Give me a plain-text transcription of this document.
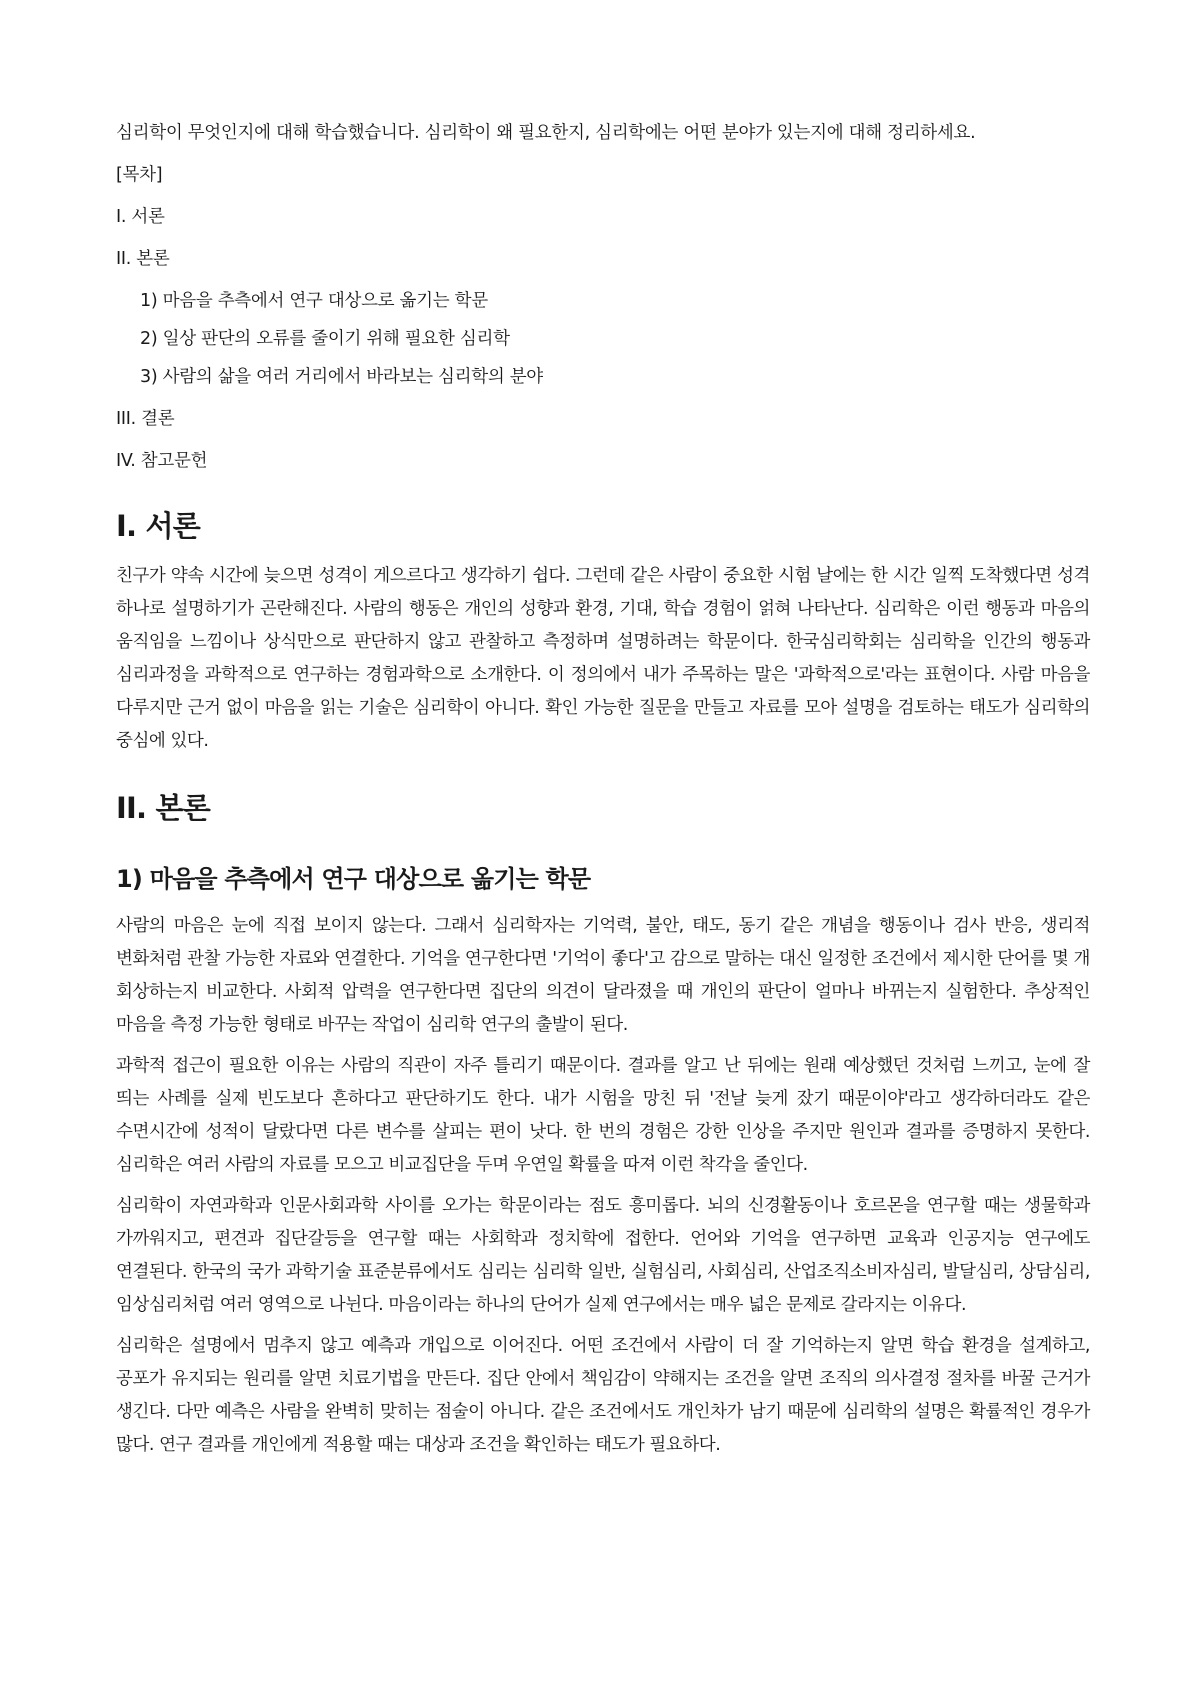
심리학이 무엇인지에 대해 학습했습니다. 심리학이 왜 필요한지, 심리학에는 어떤 분야가 있는지에 대해 정리하세요.

[목차]

I. 서론

II. 본론

1) 마음을 추측에서 연구 대상으로 옮기는 학문

2) 일상 판단의 오류를 줄이기 위해 필요한 심리학

3) 사람의 삶을 여러 거리에서 바라보는 심리학의 분야

III. 결론

IV. 참고문헌

I. 서론

친구가 약속 시간에 늦으면 성격이 게으르다고 생각하기 쉽다. 그런데 같은 사람이 중요한 시험 날에는 한 시간 일찍 도착했다면 성격 하나로 설명하기가 곤란해진다. 사람의 행동은 개인의 성향과 환경, 기대, 학습 경험이 얽혀 나타난다. 심리학은 이런 행동과 마음의 움직임을 느낌이나 상식만으로 판단하지 않고 관찰하고 측정하며 설명하려는 학문이다. 한국심리학회는 심리학을 인간의 행동과 심리과정을 과학적으로 연구하는 경험과학으로 소개한다. 이 정의에서 내가 주목하는 말은 '과학적으로'라는 표현이다. 사람 마음을 다루지만 근거 없이 마음을 읽는 기술은 심리학이 아니다. 확인 가능한 질문을 만들고 자료를 모아 설명을 검토하는 태도가 심리학의 중심에 있다.

II. 본론
1) 마음을 추측에서 연구 대상으로 옮기는 학문

사람의 마음은 눈에 직접 보이지 않는다. 그래서 심리학자는 기억력, 불안, 태도, 동기 같은 개념을 행동이나 검사 반응, 생리적 변화처럼 관찰 가능한 자료와 연결한다. 기억을 연구한다면 '기억이 좋다'고 감으로 말하는 대신 일정한 조건에서 제시한 단어를 몇 개 회상하는지 비교한다. 사회적 압력을 연구한다면 집단의 의견이 달라졌을 때 개인의 판단이 얼마나 바뀌는지 실험한다. 추상적인 마음을 측정 가능한 형태로 바꾸는 작업이 심리학 연구의 출발이 된다.

과학적 접근이 필요한 이유는 사람의 직관이 자주 틀리기 때문이다. 결과를 알고 난 뒤에는 원래 예상했던 것처럼 느끼고, 눈에 잘 띄는 사례를 실제 빈도보다 흔하다고 판단하기도 한다. 내가 시험을 망친 뒤 '전날 늦게 잤기 때문이야'라고 생각하더라도 같은 수면시간에 성적이 달랐다면 다른 변수를 살피는 편이 낫다. 한 번의 경험은 강한 인상을 주지만 원인과 결과를 증명하지 못한다. 심리학은 여러 사람의 자료를 모으고 비교집단을 두며 우연일 확률을 따져 이런 착각을 줄인다.

심리학이 자연과학과 인문사회과학 사이를 오가는 학문이라는 점도 흥미롭다. 뇌의 신경활동이나 호르몬을 연구할 때는 생물학과 가까워지고, 편견과 집단갈등을 연구할 때는 사회학과 정치학에 접한다. 언어와 기억을 연구하면 교육과 인공지능 연구에도 연결된다. 한국의 국가 과학기술 표준분류에서도 심리는 심리학 일반, 실험심리, 사회심리, 산업조직소비자심리, 발달심리, 상담심리, 임상심리처럼 여러 영역으로 나뉜다. 마음이라는 하나의 단어가 실제 연구에서는 매우 넓은 문제로 갈라지는 이유다.

심리학은 설명에서 멈추지 않고 예측과 개입으로 이어진다. 어떤 조건에서 사람이 더 잘 기억하는지 알면 학습 환경을 설계하고, 공포가 유지되는 원리를 알면 치료기법을 만든다. 집단 안에서 책임감이 약해지는 조건을 알면 조직의 의사결정 절차를 바꿀 근거가 생긴다. 다만 예측은 사람을 완벽히 맞히는 점술이 아니다. 같은 조건에서도 개인차가 남기 때문에 심리학의 설명은 확률적인 경우가 많다. 연구 결과를 개인에게 적용할 때는 대상과 조건을 확인하는 태도가 필요하다.
